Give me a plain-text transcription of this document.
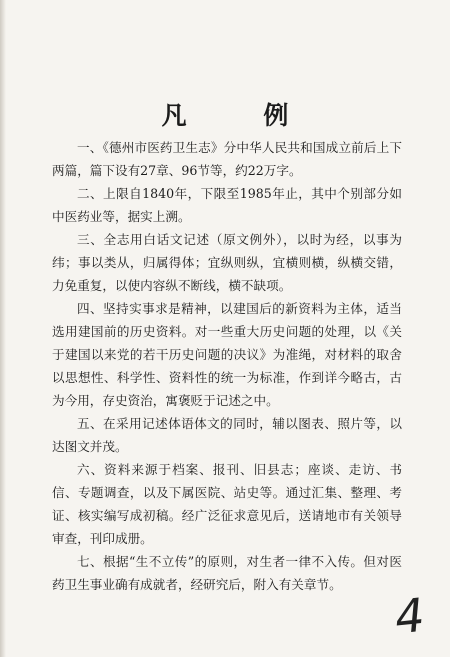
凡 例

一、《德州市医药卫生志》分中华人民共和国成立前后上下两篇，篇下设有27章、96节等，约22万字。

二、上限自1840年，下限至1985年止，其中个别部分如中医药业等，据实上溯。

三、全志用白话文记述（原文例外），以时为经，以事为纬；事以类从，归属得体；宜纵则纵，宜横则横，纵横交错，力免重复，以使内容纵不断线，横不缺项。

四、坚持实事求是精神，以建国后的新资料为主体，适当选用建国前的历史资料。对一些重大历史问题的处理，以《关于建国以来党的若干历史问题的决议》为准绳，对材料的取舍以思想性、科学性、资料性的统一为标准，作到详今略古，古为今用，存史资治，寓褒贬于记述之中。

五、在采用记述体语体文的同时，辅以图表、照片等，以达图文并茂。

六、资料来源于档案、报刊、旧县志；座谈、走访、书信、专题调查，以及下属医院、站史等。通过汇集、整理、考证、核实编写成初稿。经广泛征求意见后，送请地市有关领导审查，刊印成册。

七、根据“生不立传”的原则，对生者一律不入传。但对医药卫生事业确有成就者，经研究后，附入有关章节。

4
